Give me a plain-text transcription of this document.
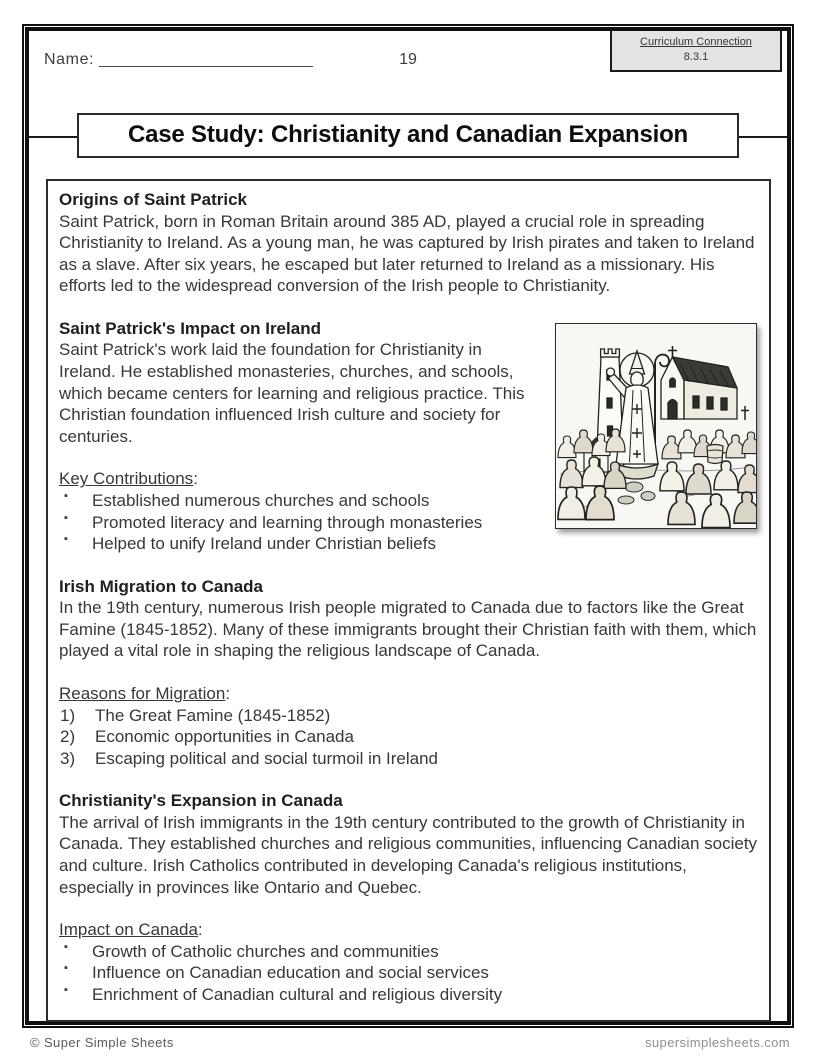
Name: ________________________	19
Curriculum Connection
8.3.1
Case Study: Christianity and Canadian Expansion
Origins of Saint Patrick
Saint Patrick, born in Roman Britain around 385 AD, played a crucial role in spreading Christianity to Ireland. As a young man, he was captured by Irish pirates and taken to Ireland as a slave. After six years, he escaped but later returned to Ireland as a missionary. His efforts led to the widespread conversion of the Irish people to Christianity.
Saint Patrick's Impact on Ireland
Saint Patrick's work laid the foundation for Christianity in Ireland. He established monasteries, churches, and schools, which became centers for learning and religious practice. This Christian foundation influenced Irish culture and society for centuries.
Key Contributions:
▪	Established numerous churches and schools
▪	Promoted literacy and learning through monasteries
▪	Helped to unify Ireland under Christian beliefs
Irish Migration to Canada
In the 19th century, numerous Irish people migrated to Canada due to factors like the Great Famine (1845-1852). Many of these immigrants brought their Christian faith with them, which played a vital role in shaping the religious landscape of Canada.
Reasons for Migration:
1)	The Great Famine (1845-1852)
2)	Economic opportunities in Canada
3)	Escaping political and social turmoil in Ireland
Christianity's Expansion in Canada
The arrival of Irish immigrants in the 19th century contributed to the growth of Christianity in Canada. They established churches and religious communities, influencing Canadian society and culture. Irish Catholics contributed in developing Canada's religious institutions, especially in provinces like Ontario and Quebec.
Impact on Canada:
▪	Growth of Catholic churches and communities
▪	Influence on Canadian education and social services
▪	Enrichment of Canadian cultural and religious diversity
© Super Simple Sheets	supersimplesheets.com
